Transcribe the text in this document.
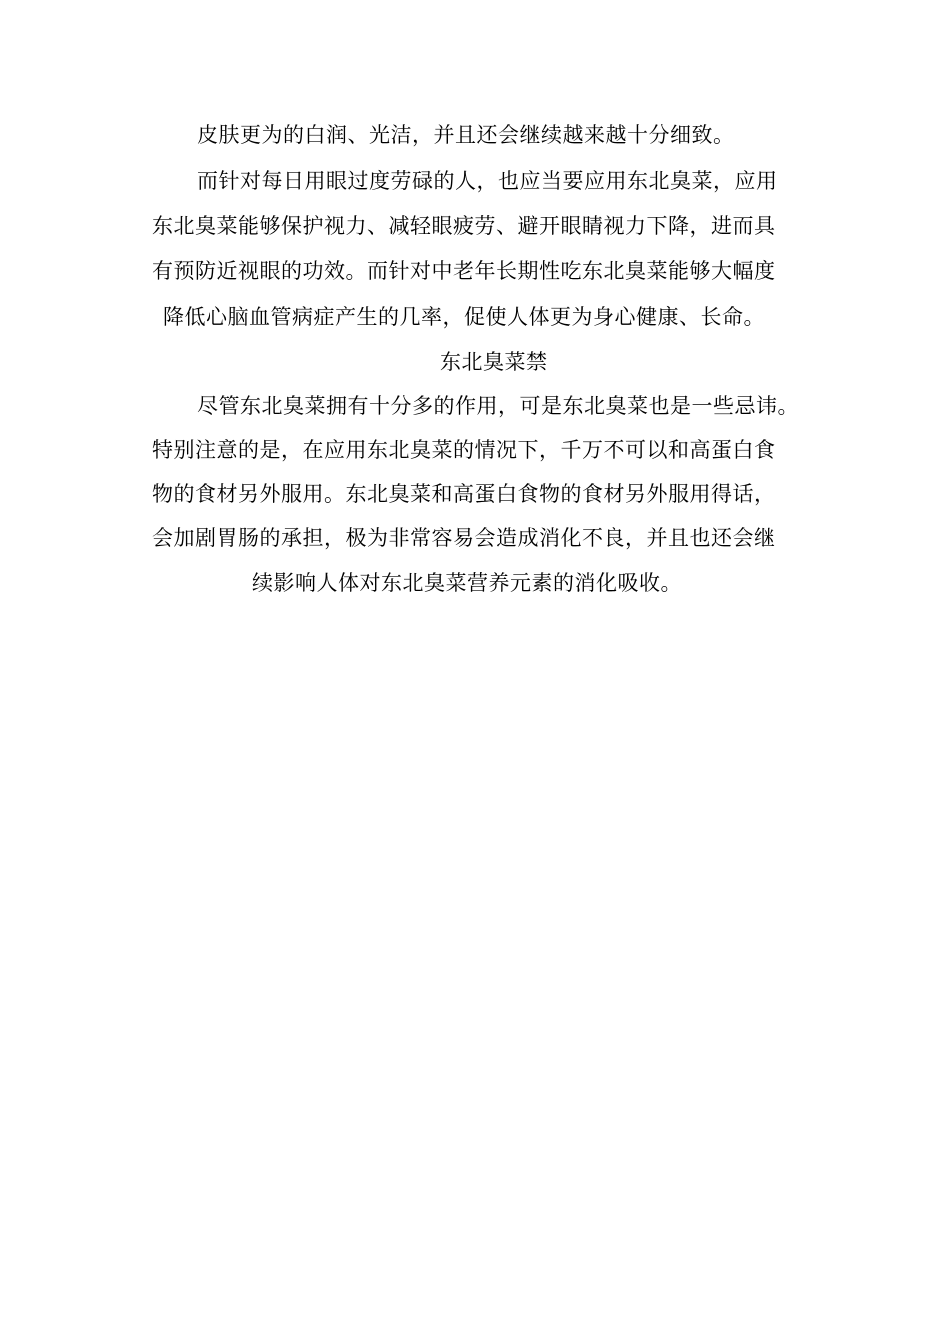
皮肤更为的白润、光洁，并且还会继续越来越十分细致。
而针对每日用眼过度劳碌的人，也应当要应用东北臭菜，应用
东北臭菜能够保护视力、减轻眼疲劳、避开眼睛视力下降，进而具
有预防近视眼的功效。而针对中老年长期性吃东北臭菜能够大幅度
降低心脑血管病症产生的几率，促使人体更为身心健康、长命。
东北臭菜禁
尽管东北臭菜拥有十分多的作用，可是东北臭菜也是一些忌讳。
特别注意的是，在应用东北臭菜的情况下，千万不可以和高蛋白食
物的食材另外服用。东北臭菜和高蛋白食物的食材另外服用得话，
会加剧胃肠的承担，极为非常容易会造成消化不良，并且也还会继
续影响人体对东北臭菜营养元素的消化吸收。
